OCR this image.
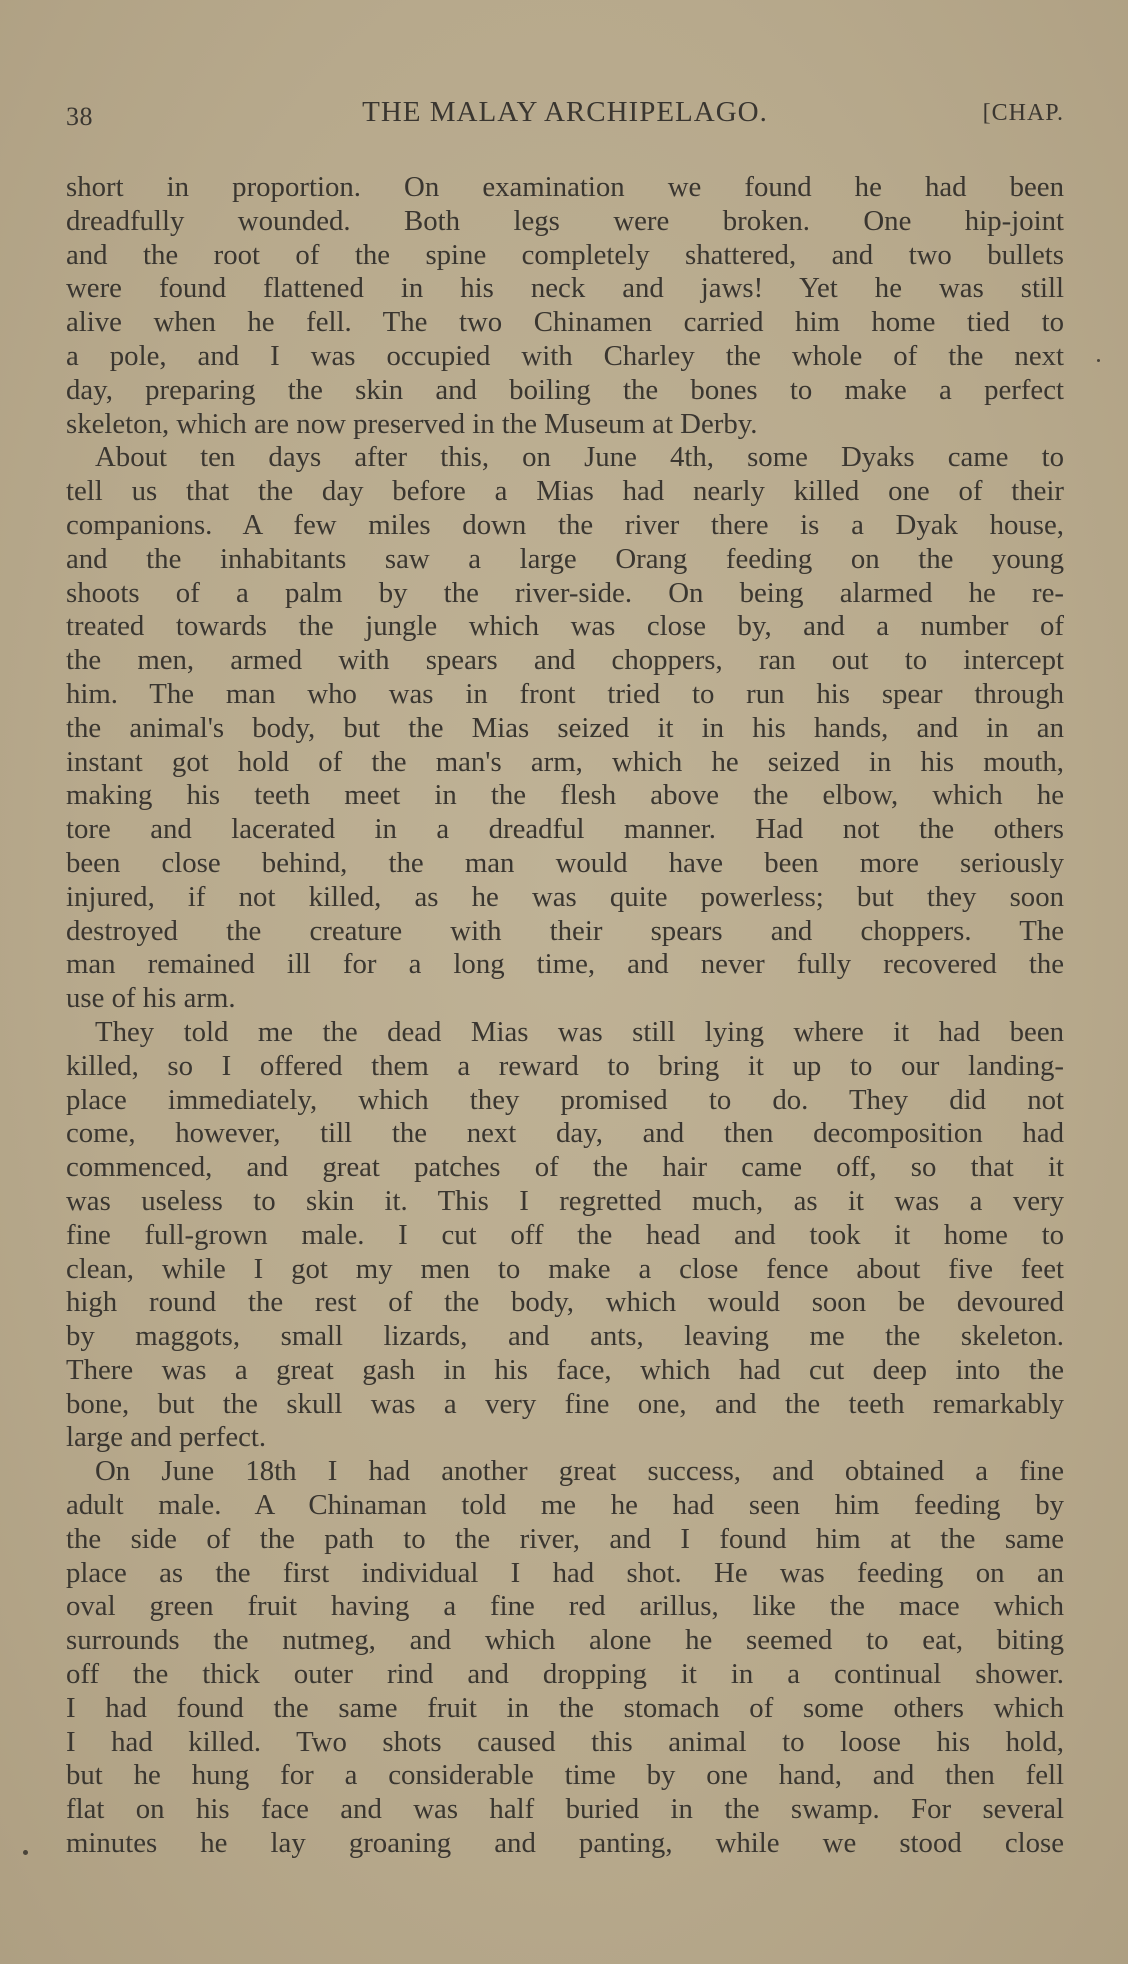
38	THE MALAY ARCHIPELAGO.	[CHAP.
short in proportion. On examination we found he had been
dreadfully wounded. Both legs were broken. One hip-joint
and the root of the spine completely shattered, and two bullets
were found flattened in his neck and jaws! Yet he was still
alive when he fell. The two Chinamen carried him home tied to
a pole, and I was occupied with Charley the whole of the next
day, preparing the skin and boiling the bones to make a perfect
skeleton, which are now preserved in the Museum at Derby.
About ten days after this, on June 4th, some Dyaks came to
tell us that the day before a Mias had nearly killed one of their
companions. A few miles down the river there is a Dyak house,
and the inhabitants saw a large Orang feeding on the young
shoots of a palm by the river-side. On being alarmed he re-
treated towards the jungle which was close by, and a number of
the men, armed with spears and choppers, ran out to intercept
him. The man who was in front tried to run his spear through
the animal's body, but the Mias seized it in his hands, and in an
instant got hold of the man's arm, which he seized in his mouth,
making his teeth meet in the flesh above the elbow, which he
tore and lacerated in a dreadful manner. Had not the others
been close behind, the man would have been more seriously
injured, if not killed, as he was quite powerless; but they soon
destroyed the creature with their spears and choppers. The
man remained ill for a long time, and never fully recovered the
use of his arm.
They told me the dead Mias was still lying where it had been
killed, so I offered them a reward to bring it up to our landing-
place immediately, which they promised to do. They did not
come, however, till the next day, and then decomposition had
commenced, and great patches of the hair came off, so that it
was useless to skin it. This I regretted much, as it was a very
fine full-grown male. I cut off the head and took it home to
clean, while I got my men to make a close fence about five feet
high round the rest of the body, which would soon be devoured
by maggots, small lizards, and ants, leaving me the skeleton.
There was a great gash in his face, which had cut deep into the
bone, but the skull was a very fine one, and the teeth remarkably
large and perfect.
On June 18th I had another great success, and obtained a fine
adult male. A Chinaman told me he had seen him feeding by
the side of the path to the river, and I found him at the same
place as the first individual I had shot. He was feeding on an
oval green fruit having a fine red arillus, like the mace which
surrounds the nutmeg, and which alone he seemed to eat, biting
off the thick outer rind and dropping it in a continual shower.
I had found the same fruit in the stomach of some others which
I had killed. Two shots caused this animal to loose his hold,
but he hung for a considerable time by one hand, and then fell
flat on his face and was half buried in the swamp. For several
minutes he lay groaning and panting, while we stood close
